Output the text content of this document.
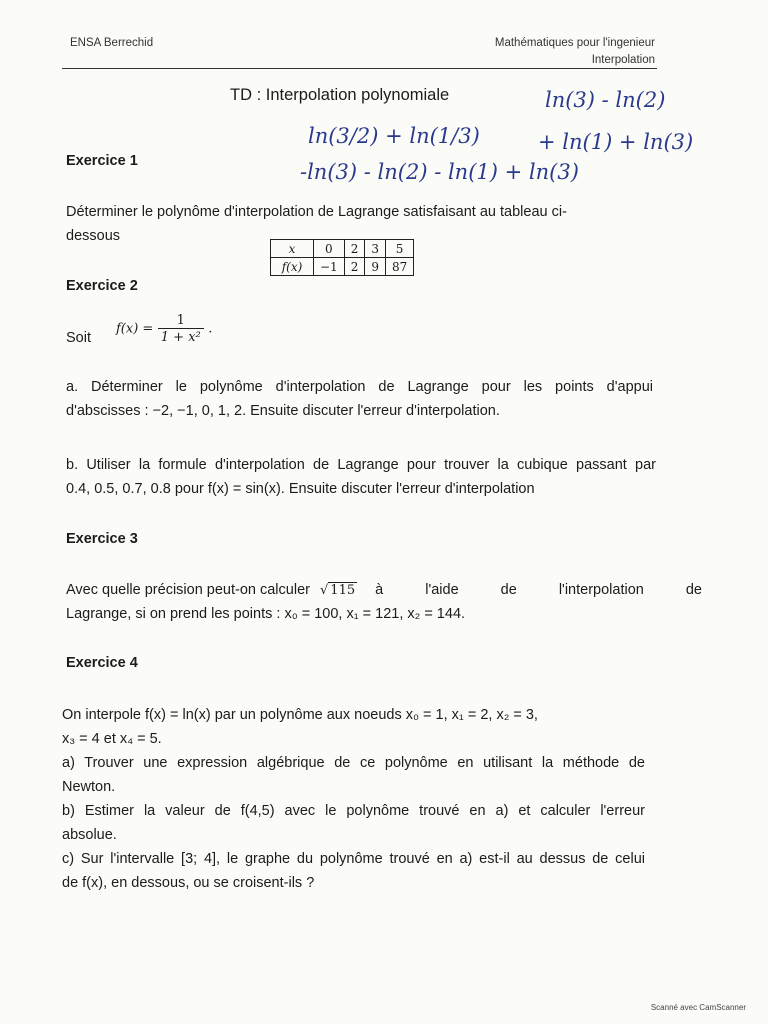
ENSA Berrechid	Mathématiques pour l'ingenieur
Interpolation
TD : Interpolation polynomiale	ln(3) - ln(2)
+ ln(1) + ln(3)
ln(3/2) + ln(1/3)
-ln(3) - ln(2) - ln(1) + ln(3)
Exercice 1
Déterminer le polynôme d'interpolation de Lagrange satisfaisant au tableau ci-
dessous
x	0	2	3	5
f(x)	−1	2	9	87
Exercice 2
Soit
$f(x) = \frac{1}{\text{1 + x²}}$ .
a. Déterminer le polynôme d'interpolation de Lagrange pour les points d'appui
d'abscisses : −2, −1, 0, 1, 2. Ensuite discuter l'erreur d'interpolation.
b. Utiliser la formule d'interpolation de Lagrange pour trouver la cubique passant par
0.4, 0.5, 0.7, 0.8 pour f(x) = sin(x). Ensuite discuter l'erreur d'interpolation
Exercice 3
Avec quelle précision peut-on calculer √ 115 à l'aide de l'interpolation de
Lagrange, si on prend les points : x₀ = 100, x₁ = 121, x₂ = 144.
Exercice 4
On interpole f(x) = ln(x) par un polynôme aux noeuds x₀ = 1, x₁ = 2, x₂ = 3,
x₃ = 4 et x₄ = 5.
a) Trouver une expression algébrique de ce polynôme en utilisant la méthode de
Newton.
b) Estimer la valeur de f(4,5) avec le polynôme trouvé en a) et calculer l'erreur
absolue.
c) Sur l'intervalle [3; 4], le graphe du polynôme trouvé en a) est-il au dessus de celui
de f(x), en dessous, ou se croisent-ils ?
Scanné avec CamScanner
